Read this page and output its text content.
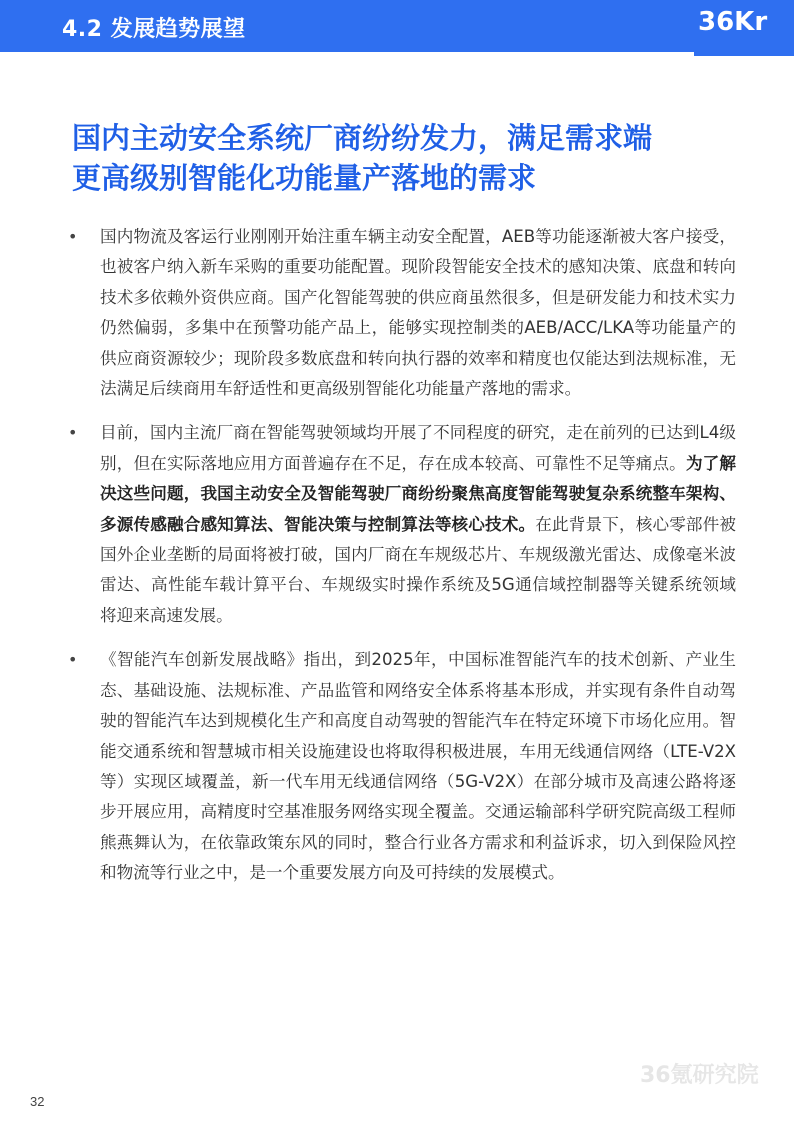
4.2 发展趋势展望	36Kr
国内主动安全系统厂商纷纷发力，满足需求端
更高级别智能化功能量产落地的需求
• 国内物流及客运行业刚刚开始注重车辆主动安全配置，AEB等功能逐渐被大客户接受，也被客户纳入新车采购的重要功能配置。现阶段智能安全技术的感知决策、底盘和转向技术多依赖外资供应商。国产化智能驾驶的供应商虽然很多，但是研发能力和技术实力仍然偏弱，多集中在预警功能产品上，能够实现控制类的AEB/ACC/LKA等功能量产的供应商资源较少；现阶段多数底盘和转向执行器的效率和精度也仅能达到法规标准，无法满足后续商用车舒适性和更高级别智能化功能量产落地的需求。
• 目前，国内主流厂商在智能驾驶领域均开展了不同程度的研究，走在前列的已达到L4级别，但在实际落地应用方面普遍存在不足，存在成本较高、可靠性不足等痛点。为了解决这些问题，我国主动安全及智能驾驶厂商纷纷聚焦高度智能驾驶复杂系统整车架构、多源传感融合感知算法、智能决策与控制算法等核心技术。在此背景下，核心零部件被国外企业垄断的局面将被打破，国内厂商在车规级芯片、车规级激光雷达、成像毫米波雷达、高性能车载计算平台、车规级实时操作系统及5G通信域控制器等关键系统领域将迎来高速发展。
• 《智能汽车创新发展战略》指出，到2025年，中国标准智能汽车的技术创新、产业生态、基础设施、法规标准、产品监管和网络安全体系将基本形成，并实现有条件自动驾驶的智能汽车达到规模化生产和高度自动驾驶的智能汽车在特定环境下市场化应用。智能交通系统和智慧城市相关设施建设也将取得积极进展，车用无线通信网络（LTE-V2X等）实现区域覆盖，新一代车用无线通信网络（5G-V2X）在部分城市及高速公路将逐步开展应用，高精度时空基准服务网络实现全覆盖。交通运输部科学研究院高级工程师熊燕舞认为，在依靠政策东风的同时，整合行业各方需求和利益诉求，切入到保险风控和物流等行业之中，是一个重要发展方向及可持续的发展模式。
36氪研究院
32
